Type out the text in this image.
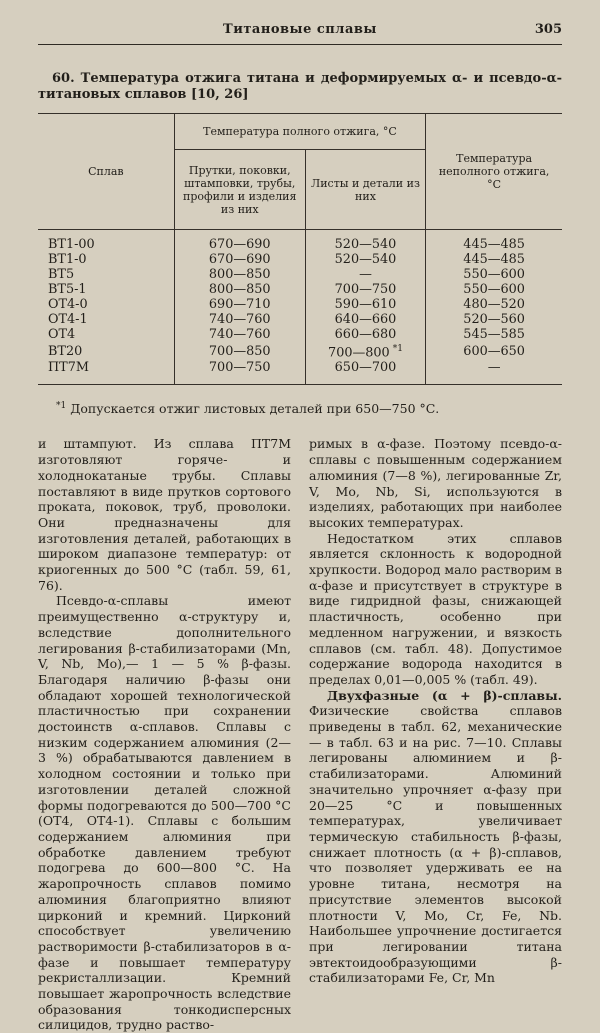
Титановые сплавы	305

60. Температура отжига титана и деформируемых α- и псевдо-α-титановых сплавов [10, 26]

Сплав	Температура полного отжига, °С		Температура неполного отжига, °С
	Прутки, поковки, штамповки, трубы, профили и изделия из них	Листы и детали из них	
ВТ1-00	670—690	520—540	445—485
ВТ1-0	670—690	520—540	445—485
ВТ5	800—850	—	550—600
ВТ5-1	800—850	700—750	550—600
ОТ4-0	690—710	590—610	480—520
ОТ4-1	740—760	640—660	520—560
ОТ4	740—760	660—680	545—585
ВТ20	700—850	700—800 $^{*1}$	600—650
ПТ7М	700—750	650—700	—

$^{*1}$ Допускается отжиг листовых деталей при 650—750 °С.

и штампуют. Из сплава ПТ7М изготовляют горяче- и холоднокатаные трубы. Сплавы поставляют в виде прутков сортового проката, поковок, труб, проволоки. Они предназначены для изготовления деталей, работающих в широком диапазоне температур: от криогенных до 500 °С (табл. 59, 61, 76).

Псевдо-α-сплавы имеют преимущественно α-структуру и, вследствие дополнительного легирования β-стабилизаторами (Mn, V, Nb, Mo),— 1 — 5 % β-фазы. Благодаря наличию β-фазы они обладают хорошей технологической пластичностью при сохранении достоинств α-сплавов. Сплавы с низким содержанием алюминия (2—3 %) обрабатываются давлением в холодном состоянии и только при изготовлении деталей сложной формы подогреваются до 500—700 °С (ОТ4, ОТ4-1). Сплавы с большим содержанием алюминия при обработке давлением требуют подогрева до 600—800 °С. На жаропрочность сплавов помимо алюминия благоприятно влияют цирконий и кремний. Цирконий способствует увеличению растворимости β-стабилизаторов в α-фазе и повышает температуру рекристаллизации. Кремний повышает жаропрочность вследствие образования тонкодисперсных силицидов, трудно раство-

римых в α-фазе. Поэтому псевдо-α-сплавы с повышенным содержанием алюминия (7—8 %), легированные Zr, V, Mo, Nb, Si, используются в изделиях, работающих при наиболее высоких температурах.

Недостатком этих сплавов является склонность к водородной хрупкости. Водород мало растворим в α-фазе и присутствует в структуре в виде гидридной фазы, снижающей пластичность, особенно при медленном нагружении, и вязкость сплавов (см. табл. 48). Допустимое содержание водорода находится в пределах 0,01—0,005 % (табл. 49).

Двухфазные (α + β)-сплавы. Физические свойства сплавов приведены в табл. 62, механические — в табл. 63 и на рис. 7—10. Сплавы легированы алюминием и β-стабилизаторами. Алюминий значительно упрочняет α-фазу при 20—25 °С и повышенных температурах, увеличивает термическую стабильность β-фазы, снижает плотность (α + β)-сплавов, что позволяет удерживать ее на уровне титана, несмотря на присутствие элементов высокой плотности V, Mo, Cr, Fe, Nb. Наибольшее упрочнение достигается при легировании титана эвтектоидообразующими β-стабилизаторами Fe, Cr, Mn
